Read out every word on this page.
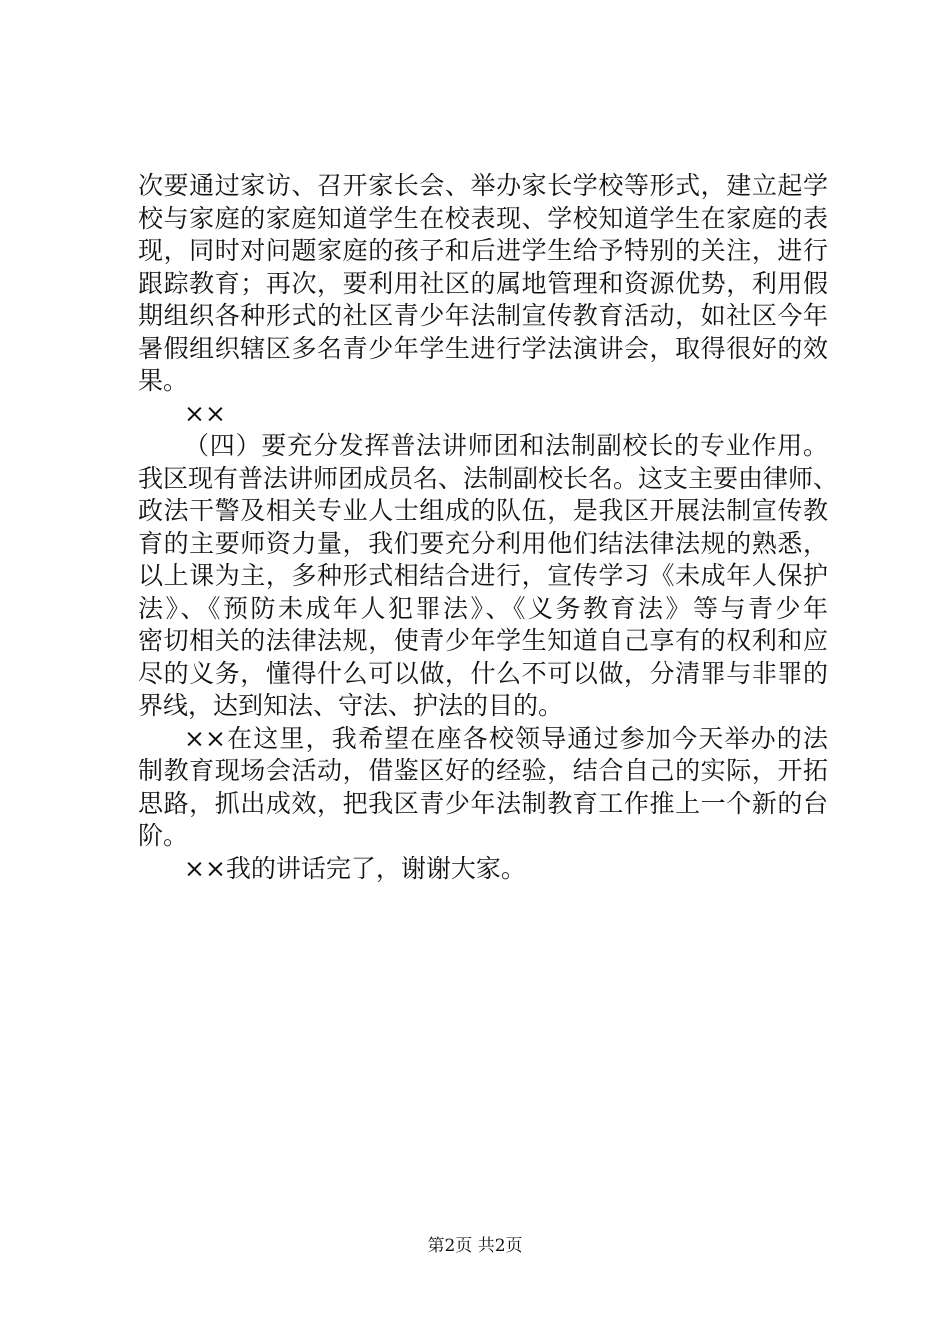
次要通过家访、召开家长会、举办家长学校等形式，建立起学
校与家庭的家庭知道学生在校表现、学校知道学生在家庭的表
现，同时对问题家庭的孩子和后进学生给予特别的关注，进行
跟踪教育；再次，要利用社区的属地管理和资源优势，利用假
期组织各种形式的社区青少年法制宣传教育活动，如社区今年
暑假组织辖区多名青少年学生进行学法演讲会，取得很好的效
果。
××
（四）要充分发挥普法讲师团和法制副校长的专业作用。
我区现有普法讲师团成员名、法制副校长名。这支主要由律师、
政法干警及相关专业人士组成的队伍，是我区开展法制宣传教
育的主要师资力量，我们要充分利用他们结法律法规的熟悉，
以上课为主，多种形式相结合进行，宣传学习《未成年人保护
法》、《预防未成年人犯罪法》、《义务教育法》等与青少年
密切相关的法律法规，使青少年学生知道自己享有的权利和应
尽的义务，懂得什么可以做，什么不可以做，分清罪与非罪的
界线，达到知法、守法、护法的目的。
××在这里，我希望在座各校领导通过参加今天举办的法
制教育现场会活动，借鉴区好的经验，结合自己的实际，开拓
思路，抓出成效，把我区青少年法制教育工作推上一个新的台
阶。
××我的讲话完了，谢谢大家。
第2页 共2页
